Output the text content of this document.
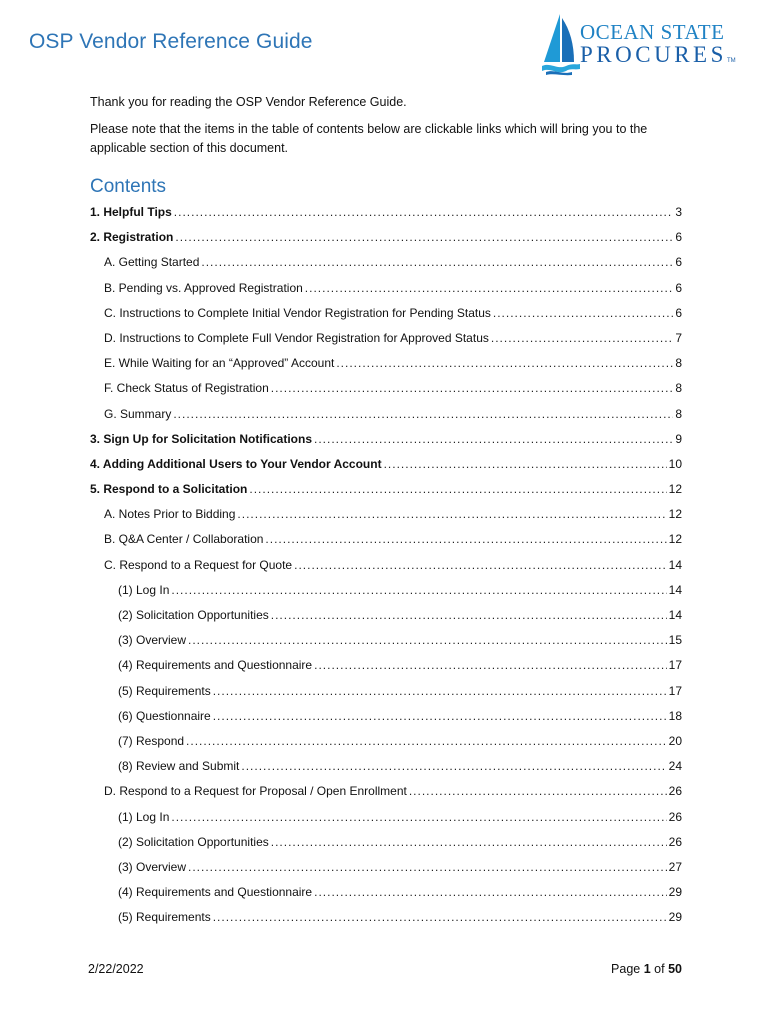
OSP Vendor Reference Guide	OCEAN STATE
PROCURES TM

Thank you for reading the OSP Vendor Reference Guide.

Please note that the items in the table of contents below are clickable links which will bring you to the applicable section of this document.

Contents
1. Helpful Tips .....	3
2. Registration .....	6
A. Getting Started .....	6
B. Pending vs. Approved Registration .....	6
C. Instructions to Complete Initial Vendor Registration for Pending Status .....	6
D. Instructions to Complete Full Vendor Registration for Approved Status .....	7
E. While Waiting for an “Approved” Account .....	8
F. Check Status of Registration .....	8
G. Summary .....	8
3. Sign Up for Solicitation Notifications .....	9
4. Adding Additional Users to Your Vendor Account .....	10
5. Respond to a Solicitation .....	12
A. Notes Prior to Bidding .....	12
B. Q&A Center / Collaboration .....	12
C. Respond to a Request for Quote .....	14
(1) Log In .....	14
(2) Solicitation Opportunities .....	14
(3) Overview .....	15
(4) Requirements and Questionnaire .....	17
(5) Requirements .....	17
(6) Questionnaire .....	18
(7) Respond .....	20
(8) Review and Submit .....	24
D. Respond to a Request for Proposal / Open Enrollment .....	26
(1) Log In .....	26
(2) Solicitation Opportunities .....	26
(3) Overview .....	27
(4) Requirements and Questionnaire .....	29
(5) Requirements .....	29
2/22/2022	Page 1 of 50
